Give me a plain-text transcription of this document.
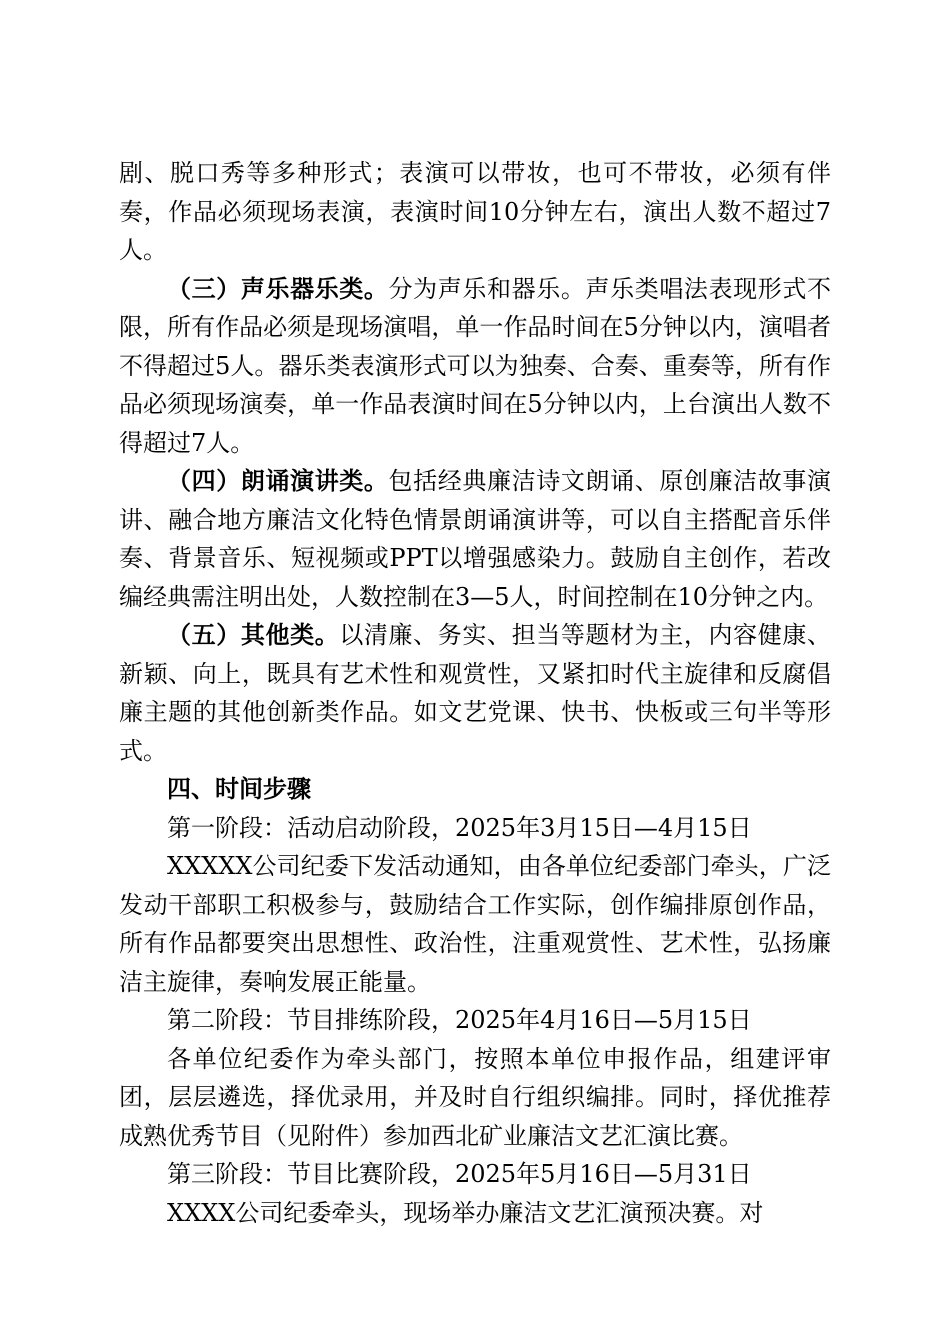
剧、脱口秀等多种形式；表演可以带妆，也可不带妆，必须有伴奏，作品必须现场表演，表演时间10分钟左右，演出人数不超过7人。

（三）声乐器乐类。分为声乐和器乐。声乐类唱法表现形式不限，所有作品必须是现场演唱，单一作品时间在5分钟以内，演唱者不得超过5人。器乐类表演形式可以为独奏、合奏、重奏等，所有作品必须现场演奏，单一作品表演时间在5分钟以内，上台演出人数不得超过7人。

（四）朗诵演讲类。包括经典廉洁诗文朗诵、原创廉洁故事演讲、融合地方廉洁文化特色情景朗诵演讲等，可以自主搭配音乐伴奏、背景音乐、短视频或PPT以增强感染力。鼓励自主创作，若改编经典需注明出处，人数控制在3—5人，时间控制在10分钟之内。

（五）其他类。以清廉、务实、担当等题材为主，内容健康、新颖、向上，既具有艺术性和观赏性，又紧扣时代主旋律和反腐倡廉主题的其他创新类作品。如文艺党课、快书、快板或三句半等形式。

四、时间步骤

第一阶段：活动启动阶段，2025年3月15日—4月15日

XXXXX公司纪委下发活动通知，由各单位纪委部门牵头，广泛发动干部职工积极参与，鼓励结合工作实际，创作编排原创作品，所有作品都要突出思想性、政治性，注重观赏性、艺术性，弘扬廉洁主旋律，奏响发展正能量。

第二阶段：节目排练阶段，2025年4月16日—5月15日

各单位纪委作为牵头部门，按照本单位申报作品，组建评审团，层层遴选，择优录用，并及时自行组织编排。同时，择优推荐成熟优秀节目（见附件）参加西北矿业廉洁文艺汇演比赛。

第三阶段：节目比赛阶段，2025年5月16日—5月31日

XXXX公司纪委牵头，现场举办廉洁文艺汇演预决赛。对
